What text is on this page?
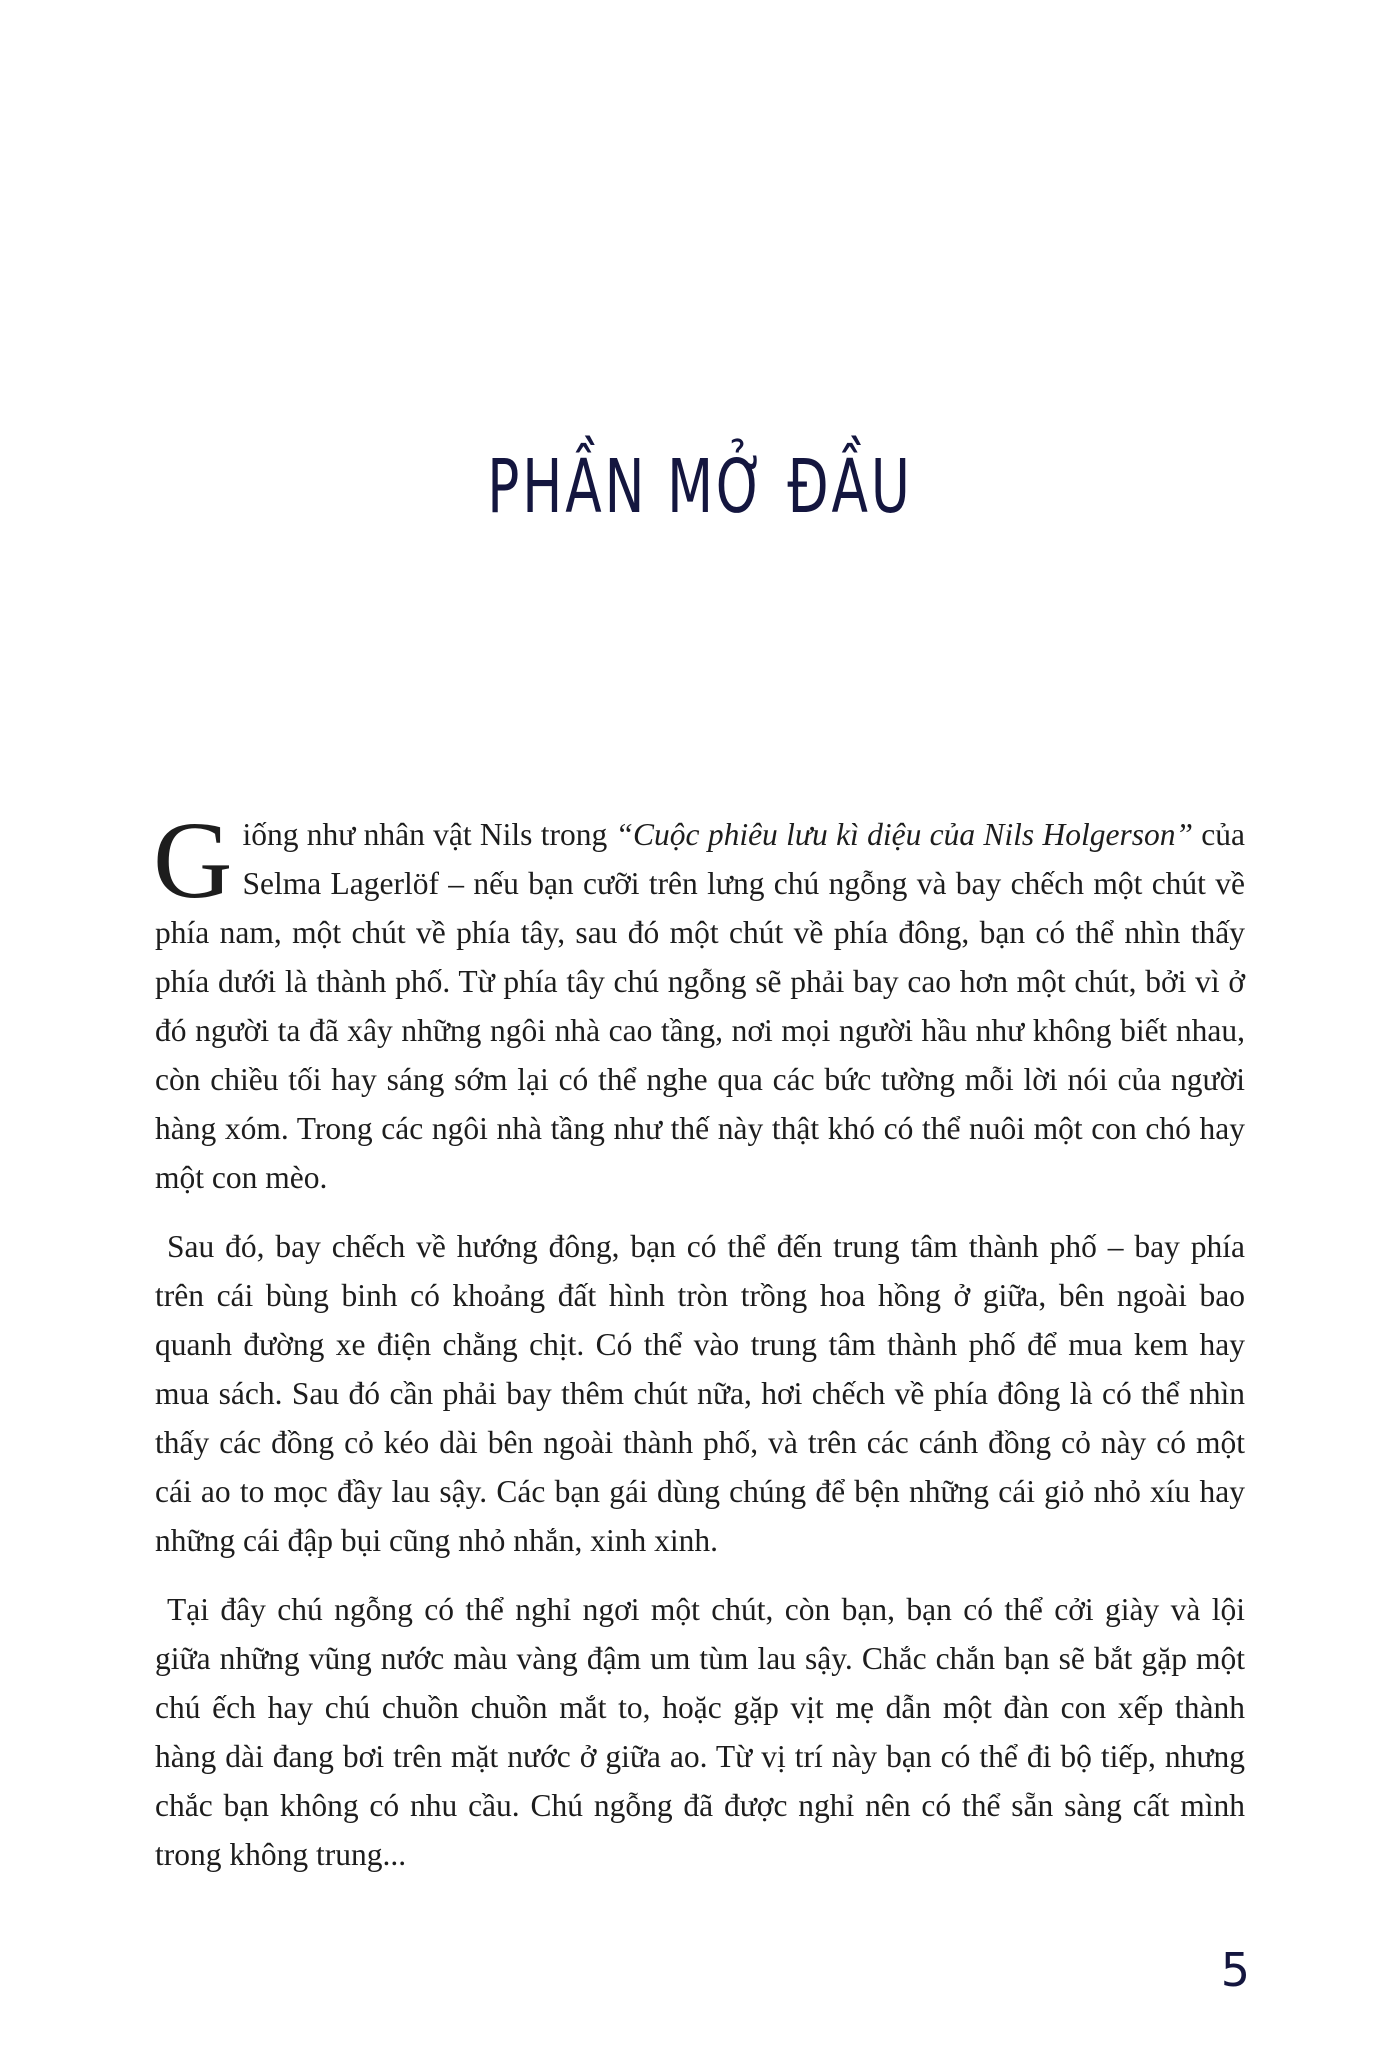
PHẦN MỞ ĐẦU

Giống như nhân vật Nils trong “Cuộc phiêu lưu kì diệu của Nils Holgerson” của Selma Lagerlöf – nếu bạn cưỡi trên lưng chú ngỗng và bay chếch một chút về phía nam, một chút về phía tây, sau đó một chút về phía đông, bạn có thể nhìn thấy phía dưới là thành phố. Từ phía tây chú ngỗng sẽ phải bay cao hơn một chút, bởi vì ở đó người ta đã xây những ngôi nhà cao tầng, nơi mọi người hầu như không biết nhau, còn chiều tối hay sáng sớm lại có thể nghe qua các bức tường mỗi lời nói của người hàng xóm. Trong các ngôi nhà tầng như thế này thật khó có thể nuôi một con chó hay một con mèo.

Sau đó, bay chếch về hướng đông, bạn có thể đến trung tâm thành phố – bay phía trên cái bùng binh có khoảng đất hình tròn trồng hoa hồng ở giữa, bên ngoài bao quanh đường xe điện chằng chịt. Có thể vào trung tâm thành phố để mua kem hay mua sách. Sau đó cần phải bay thêm chút nữa, hơi chếch về phía đông là có thể nhìn thấy các đồng cỏ kéo dài bên ngoài thành phố, và trên các cánh đồng cỏ này có một cái ao to mọc đầy lau sậy. Các bạn gái dùng chúng để bện những cái giỏ nhỏ xíu hay những cái đập bụi cũng nhỏ nhắn, xinh xinh.

Tại đây chú ngỗng có thể nghỉ ngơi một chút, còn bạn, bạn có thể cởi giày và lội giữa những vũng nước màu vàng đậm um tùm lau sậy. Chắc chắn bạn sẽ bắt gặp một chú ếch hay chú chuồn chuồn mắt to, hoặc gặp vịt mẹ dẫn một đàn con xếp thành hàng dài đang bơi trên mặt nước ở giữa ao. Từ vị trí này bạn có thể đi bộ tiếp, nhưng chắc bạn không có nhu cầu. Chú ngỗng đã được nghỉ nên có thể sẵn sàng cất mình trong không trung...

5
